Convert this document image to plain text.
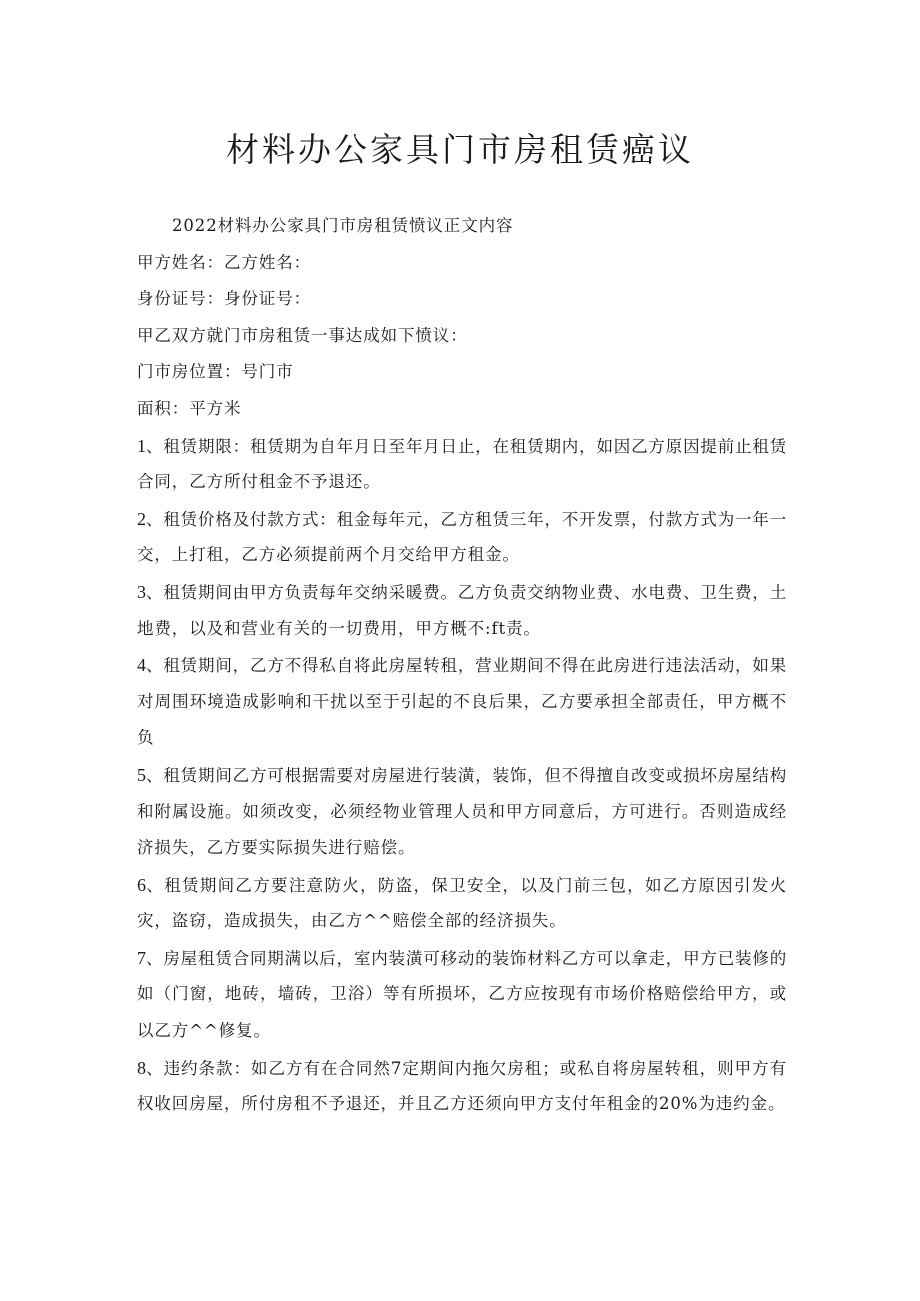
材料办公家具门市房租赁癌议
2022材料办公家具门市房租赁愤议正文内容
甲方姓名：乙方姓名：
身份证号：身份证号：
甲乙双方就门市房租赁一事达成如下愤议：
门市房位置：号门市
面积：平方米
1、租赁期限：租赁期为自年月日至年月日止，在租赁期内，如因乙方原因提前止租赁
合同，乙方所付租金不予退还。
2、租赁价格及付款方式：租金每年元，乙方租赁三年，不开发票，付款方式为一年一
交，上打租，乙方必须提前两个月交给甲方租金。
3、租赁期间由甲方负责每年交纳采暖费。乙方负责交纳物业费、水电费、卫生费，土
地费，以及和营业有关的一切费用，甲方概不:ft责。
4、租赁期间，乙方不得私自将此房屋转租，营业期间不得在此房进行违法活动，如果
对周围环境造成影响和干扰以至于引起的不良后果，乙方要承担全部责任，甲方概不
负
5、租赁期间乙方可根据需要对房屋进行装潢，装饰，但不得擅自改变或损坏房屋结构
和附属设施。如须改变，必须经物业管理人员和甲方同意后，方可进行。否则造成经
济损失，乙方要实际损失进行赔偿。
6、租赁期间乙方要注意防火，防盗，保卫安全，以及门前三包，如乙方原因引发火
灾，盗窃，造成损失，由乙方^^赔偿全部的经济损失。
7、房屋租赁合同期满以后，室内装潢可移动的装饰材料乙方可以拿走，甲方已装修的
如（门窗，地砖，墙砖，卫浴）等有所损坏，乙方应按现有市场价格赔偿给甲方，或
以乙方^^修复。
8、违约条款：如乙方有在合同然7定期间内拖欠房租；或私自将房屋转租，则甲方有
权收回房屋，所付房租不予退还，并且乙方还须向甲方支付年租金的20%为违约金。
